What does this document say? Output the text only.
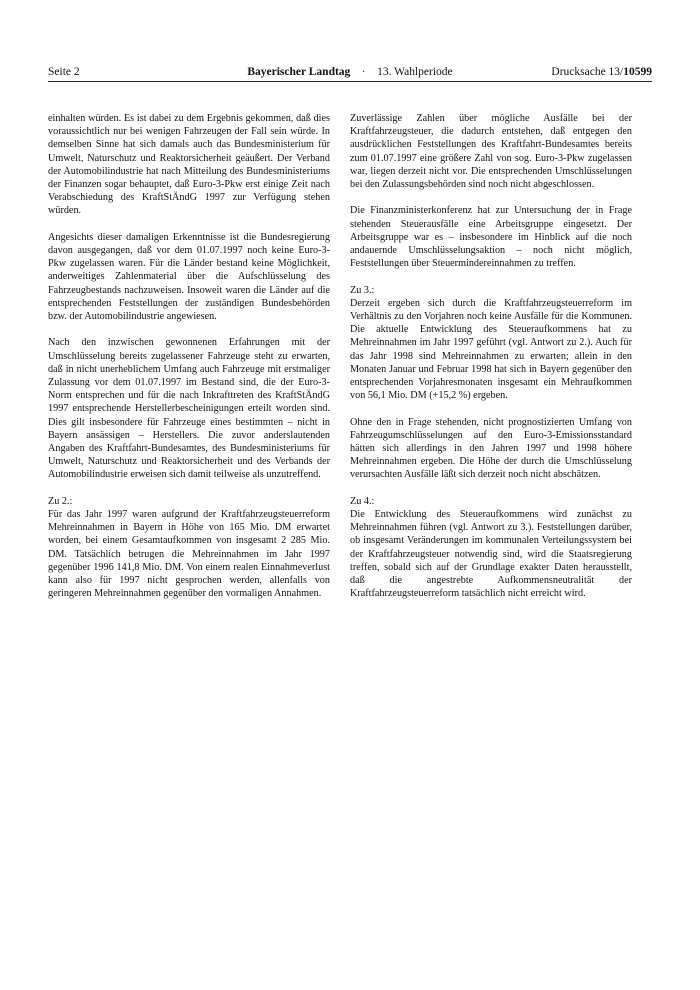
Seite 2	Bayerischer Landtag · 13. Wahlperiode	Drucksache 13/10599

einhalten würden. Es ist dabei zu dem Ergebnis gekommen, daß dies voraussichtlich nur bei wenigen Fahrzeugen der Fall sein würde. In demselben Sinne hat sich damals auch das Bundesministerium für Umwelt, Naturschutz und Reaktorsicherheit geäußert. Der Verband der Automobilindustrie hat nach Mitteilung des Bundesministeriums der Finanzen sogar behauptet, daß Euro-3-Pkw erst einige Zeit nach Verabschiedung des KraftStÄndG 1997 zur Verfügung stehen würden.

Angesichts dieser damaligen Erkenntnisse ist die Bundesregierung davon ausgegangen, daß vor dem 01.07.1997 noch keine Euro-3-Pkw zugelassen waren. Für die Länder bestand keine Möglichkeit, anderweitiges Zahlenmaterial über die Aufschlüsselung des Fahrzeugbestands nachzuweisen. Insoweit waren die Länder auf die entsprechenden Feststellungen der zuständigen Bundesbehörden bzw. der Automobilindustrie angewiesen.

Nach den inzwischen gewonnenen Erfahrungen mit der Umschlüsselung bereits zugelassener Fahrzeuge steht zu erwarten, daß in nicht unerheblichem Umfang auch Fahrzeuge mit erstmaliger Zulassung vor dem 01.07.1997 im Bestand sind, die der Euro-3-Norm entsprechen und für die nach Inkrafttreten des KraftStÄndG 1997 entsprechende Herstellerbescheinigungen erteilt worden sind. Dies gilt insbesondere für Fahrzeuge eines bestimmten – nicht in Bayern ansässigen – Herstellers. Die zuvor anderslautenden Angaben des Kraftfahrt-Bundesamtes, des Bundesministeriums für Umwelt, Naturschutz und Reaktorsicherheit und des Verbands der Automobilindustrie erweisen sich damit teilweise als unzutreffend.

Zu 2.:

Für das Jahr 1997 waren aufgrund der Kraftfahrzeugsteuerreform Mehreinnahmen in Bayern in Höhe von 165 Mio. DM erwartet worden, bei einem Gesamtaufkommen von insgesamt 2 285 Mio. DM. Tatsächlich betrugen die Mehreinnahmen im Jahr 1997 gegenüber 1996 141,8 Mio. DM. Von einem realen Einnahmeverlust kann also für 1997 nicht gesprochen werden, allenfalls von geringeren Mehreinnahmen gegenüber den vormaligen Annahmen.

Zuverlässige Zahlen über mögliche Ausfälle bei der Kraftfahrzeugsteuer, die dadurch entstehen, daß entgegen den ausdrücklichen Feststellungen des Kraftfahrt-Bundesamtes bereits zum 01.07.1997 eine größere Zahl von sog. Euro-3-Pkw zugelassen war, liegen derzeit nicht vor. Die entsprechenden Umschlüsselungen bei den Zulassungsbehörden sind noch nicht abgeschlossen.

Die Finanzministerkonferenz hat zur Untersuchung der in Frage stehenden Steuerausfälle eine Arbeitsgruppe eingesetzt. Der Arbeitsgruppe war es – insbesondere im Hinblick auf die noch andauernde Umschlüsselungsaktion – noch nicht möglich, Feststellungen über Steuermindereinnahmen zu treffen.

Zu 3.:

Derzeit ergeben sich durch die Kraftfahrzeugsteuerreform im Verhältnis zu den Vorjahren noch keine Ausfälle für die Kommunen. Die aktuelle Entwicklung des Steueraufkommens hat zu Mehreinnahmen im Jahr 1997 geführt (vgl. Antwort zu 2.). Auch für das Jahr 1998 sind Mehreinnahmen zu erwarten; allein in den Monaten Januar und Februar 1998 hat sich in Bayern gegenüber den entsprechenden Vorjahresmonaten insgesamt ein Mehraufkommen von 56,1 Mio. DM (+15,2 %) ergeben.

Ohne den in Frage stehenden, nicht prognostizierten Umfang von Fahrzeugumschlüsselungen auf den Euro-3-Emissionsstandard hätten sich allerdings in den Jahren 1997 und 1998 höhere Mehreinnahmen ergeben. Die Höhe der durch die Umschlüsselung verursachten Ausfälle läßt sich derzeit noch nicht abschätzen.

Zu 4.:

Die Entwicklung des Steueraufkommens wird zunächst zu Mehreinnahmen führen (vgl. Antwort zu 3.). Feststellungen darüber, ob insgesamt Veränderungen im kommunalen Verteilungssystem bei der Kraftfahrzeugsteuer notwendig sind, wird die Staatsregierung treffen, sobald sich auf der Grundlage exakter Daten herausstellt, daß die angestrebte Aufkommensneutralität der Kraftfahrzeugsteuerreform tatsächlich nicht erreicht wird.
